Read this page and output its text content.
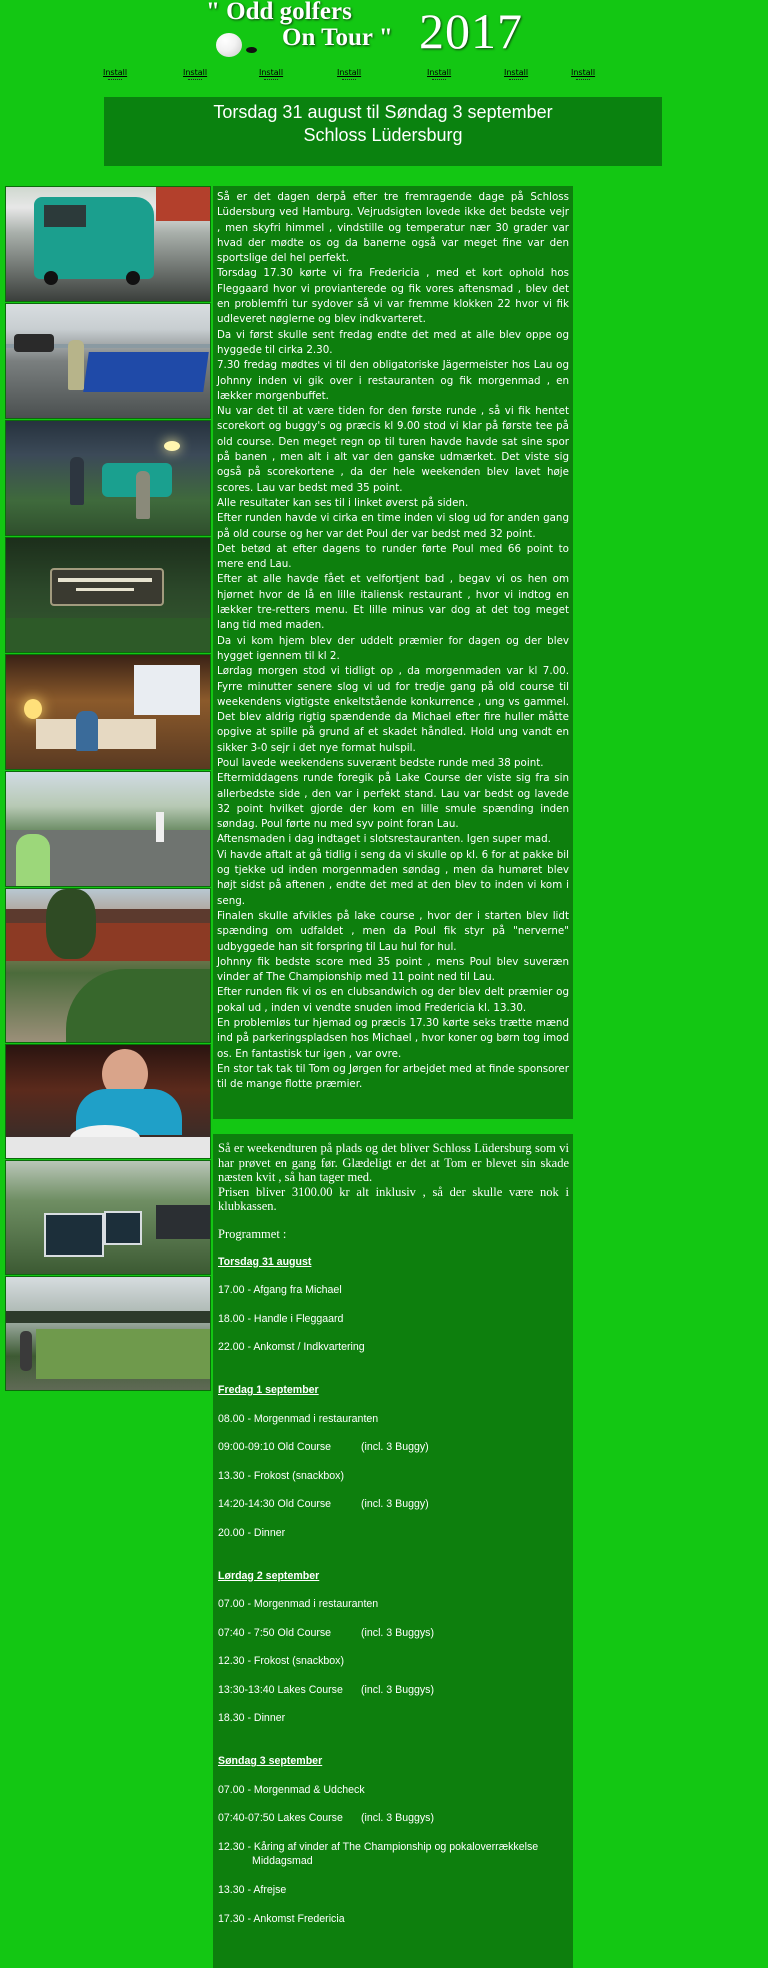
" Odd golfers
On Tour " 2017
Install	Install	Install	Install	Install	Install	Install
Torsdag 31 august til Søndag 3 september
Schloss Lüdersburg

Så er det dagen derpå efter tre fremragende dage på Schloss Lüdersburg ved Hamburg. Vejrudsigten lovede ikke det bedste vejr , men skyfri himmel , vindstille og temperatur nær 30 grader var hvad der mødte os og da banerne også var meget fine var den sportslige del hel perfekt.

Torsdag 17.30 kørte vi fra Fredericia , med et kort ophold hos Fleggaard hvor vi provianterede og fik vores aftensmad , blev det en problemfri tur sydover så vi var fremme klokken 22 hvor vi fik udleveret nøglerne og blev indkvarteret.

Da vi først skulle sent fredag endte det med at alle blev oppe og hyggede til cirka 2.30.

7.30 fredag mødtes vi til den obligatoriske Jägermeister hos Lau og Johnny inden vi gik over i restauranten og fik morgenmad , en lækker morgenbuffet.

Nu var det til at være tiden for den første runde , så vi fik hentet scorekort og buggy's og præcis kl 9.00 stod vi klar på første tee på old course. Den meget regn op til turen havde havde sat sine spor på banen , men alt i alt var den ganske udmærket. Det viste sig også på scorekortene , da der hele weekenden blev lavet høje scores. Lau var bedst med 35 point.

Alle resultater kan ses til i linket øverst på siden.

Efter runden havde vi cirka en time inden vi slog ud for anden gang på old course og her var det Poul der var bedst med 32 point.

Det betød at efter dagens to runder førte Poul med 66 point to mere end Lau.

Efter at alle havde fået et velfortjent bad , begav vi os hen om hjørnet hvor de lå en lille italiensk restaurant , hvor vi indtog en lækker tre-retters menu. Et lille minus var dog at det tog meget lang tid med maden.

Da vi kom hjem blev der uddelt præmier for dagen og der blev hygget igennem til kl 2.

Lørdag morgen stod vi tidligt op , da morgenmaden var kl 7.00. Fyrre minutter senere slog vi ud for tredje gang på old course til weekendens vigtigste enkeltstående konkurrence , ung vs gammel. Det blev aldrig rigtig spændende da Michael efter fire huller måtte opgive at spille på grund af et skadet håndled. Hold ung vandt en sikker 3-0 sejr i det nye format hulspil.

Poul lavede weekendens suverænt bedste runde med 38 point.

Eftermiddagens runde foregik på Lake Course der viste sig fra sin allerbedste side , den var i perfekt stand. Lau var bedst og lavede 32 point hvilket gjorde der kom en lille smule spænding inden søndag. Poul førte nu med syv point foran Lau.

Aftensmaden i dag indtaget i slotsrestauranten. Igen super mad.

Vi havde aftalt at gå tidlig i seng da vi skulle op kl. 6 for at pakke bil og tjekke ud inden morgenmaden søndag , men da humøret blev højt sidst på aftenen , endte det med at den blev to inden vi kom i seng.

Finalen skulle afvikles på lake course , hvor der i starten blev lidt spænding om udfaldet , men da Poul fik styr på "nerverne" udbyggede han sit forspring til Lau hul for hul.

Johnny fik bedste score med 35 point , mens Poul blev suveræn vinder af The Championship med 11 point ned til Lau.

Efter runden fik vi os en clubsandwich og der blev delt præmier og pokal ud , inden vi vendte snuden imod Fredericia kl. 13.30.

En problemløs tur hjemad og præcis 17.30 kørte seks trætte mænd ind på parkeringspladsen hos Michael , hvor koner og børn tog imod os. En fantastisk tur igen , var ovre.

En stor tak tak til Tom og Jørgen for arbejdet med at finde sponsorer til de mange flotte præmier.

Så er weekendturen på plads og det bliver Schloss Lüdersburg som vi har prøvet en gang før. Glædeligt er det at Tom er blevet sin skade næsten kvit , så han tager med.

Prisen bliver 3100.00 kr alt inklusiv , så der skulle være nok i klubkassen.

Programmet :
Torsdag 31 august
17.00 - Afgang fra Michael
18.00 - Handle i Fleggaard
22.00 - Ankomst / Indkvartering
Fredag 1 september
08.00 - Morgenmad i restauranten
09:00-09:10 Old Course	(incl. 3 Buggy)
13.30 - Frokost (snackbox)
14:20-14:30 Old Course	(incl. 3 Buggy)
20.00 - Dinner
Lørdag 2 september
07.00 - Morgenmad i restauranten
07:40 - 7:50 Old Course	(incl. 3 Buggys)
12.30 - Frokost (snackbox)
13:30-13:40 Lakes Course (incl. 3 Buggys)
18.30 - Dinner
Søndag 3 september
07.00 - Morgenmad & Udcheck
07:40-07:50 Lakes Course (incl. 3 Buggys)
12.30 - Kåring af vinder af The Championship og pokaloverrækkelse
Middagsmad
13.30 - Afrejse
17.30 - Ankomst Fredericia
